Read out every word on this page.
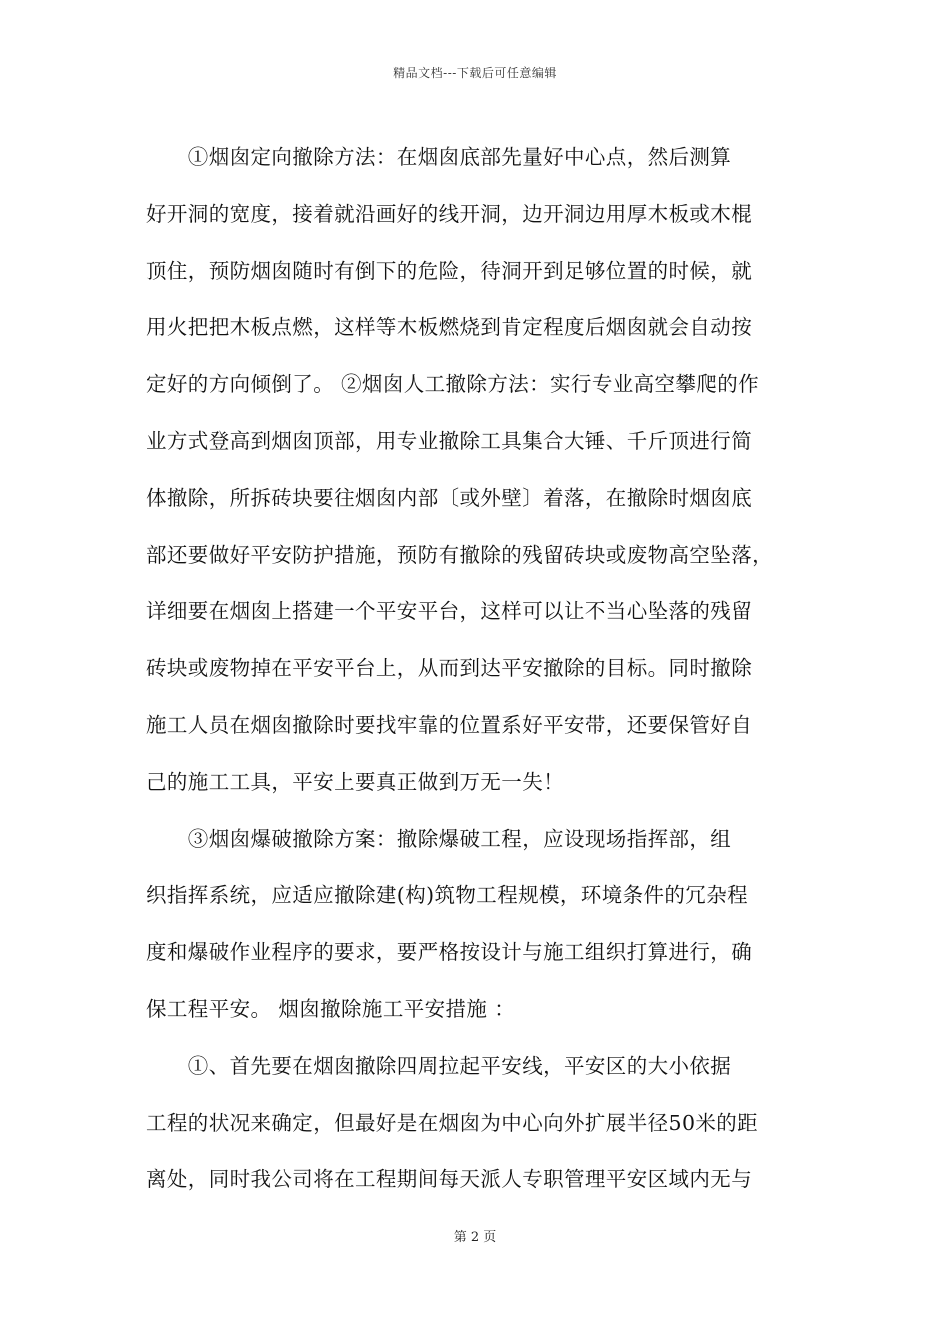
精品文档---下载后可任意编辑

　　①烟囱定向撤除方法：在烟囱底部先量好中心点，然后测算
好开洞的宽度，接着就沿画好的线开洞，边开洞边用厚木板或木棍
顶住，预防烟囱随时有倒下的危险，待洞开到足够位置的时候，就
用火把把木板点燃，这样等木板燃烧到肯定程度后烟囱就会自动按
定好的方向倾倒了。 ②烟囱人工撤除方法：实行专业高空攀爬的作
业方式登高到烟囱顶部，用专业撤除工具集合大锤、千斤顶进行简
体撤除，所拆砖块要往烟囱内部〔或外壁〕着落，在撤除时烟囱底
部还要做好平安防护措施，预防有撤除的残留砖块或废物高空坠落，
详细要在烟囱上搭建一个平安平台，这样可以让不当心坠落的残留
砖块或废物掉在平安平台上，从而到达平安撤除的目标。同时撤除
施工人员在烟囱撤除时要找牢靠的位置系好平安带，还要保管好自
己的施工工具，平安上要真正做到万无一失！

　　③烟囱爆破撤除方案：撤除爆破工程，应设现场指挥部，组
织指挥系统，应适应撤除建(构)筑物工程规模，环境条件的冗杂程
度和爆破作业程序的要求，要严格按设计与施工组织打算进行，确
保工程平安。 烟囱撤除施工平安措施 ：

　　①、首先要在烟囱撤除四周拉起平安线，平安区的大小依据
工程的状况来确定，但最好是在烟囱为中心向外扩展半径50米的距
离处，同时我公司将在工程期间每天派人专职管理平安区域内无与

第 2 页
